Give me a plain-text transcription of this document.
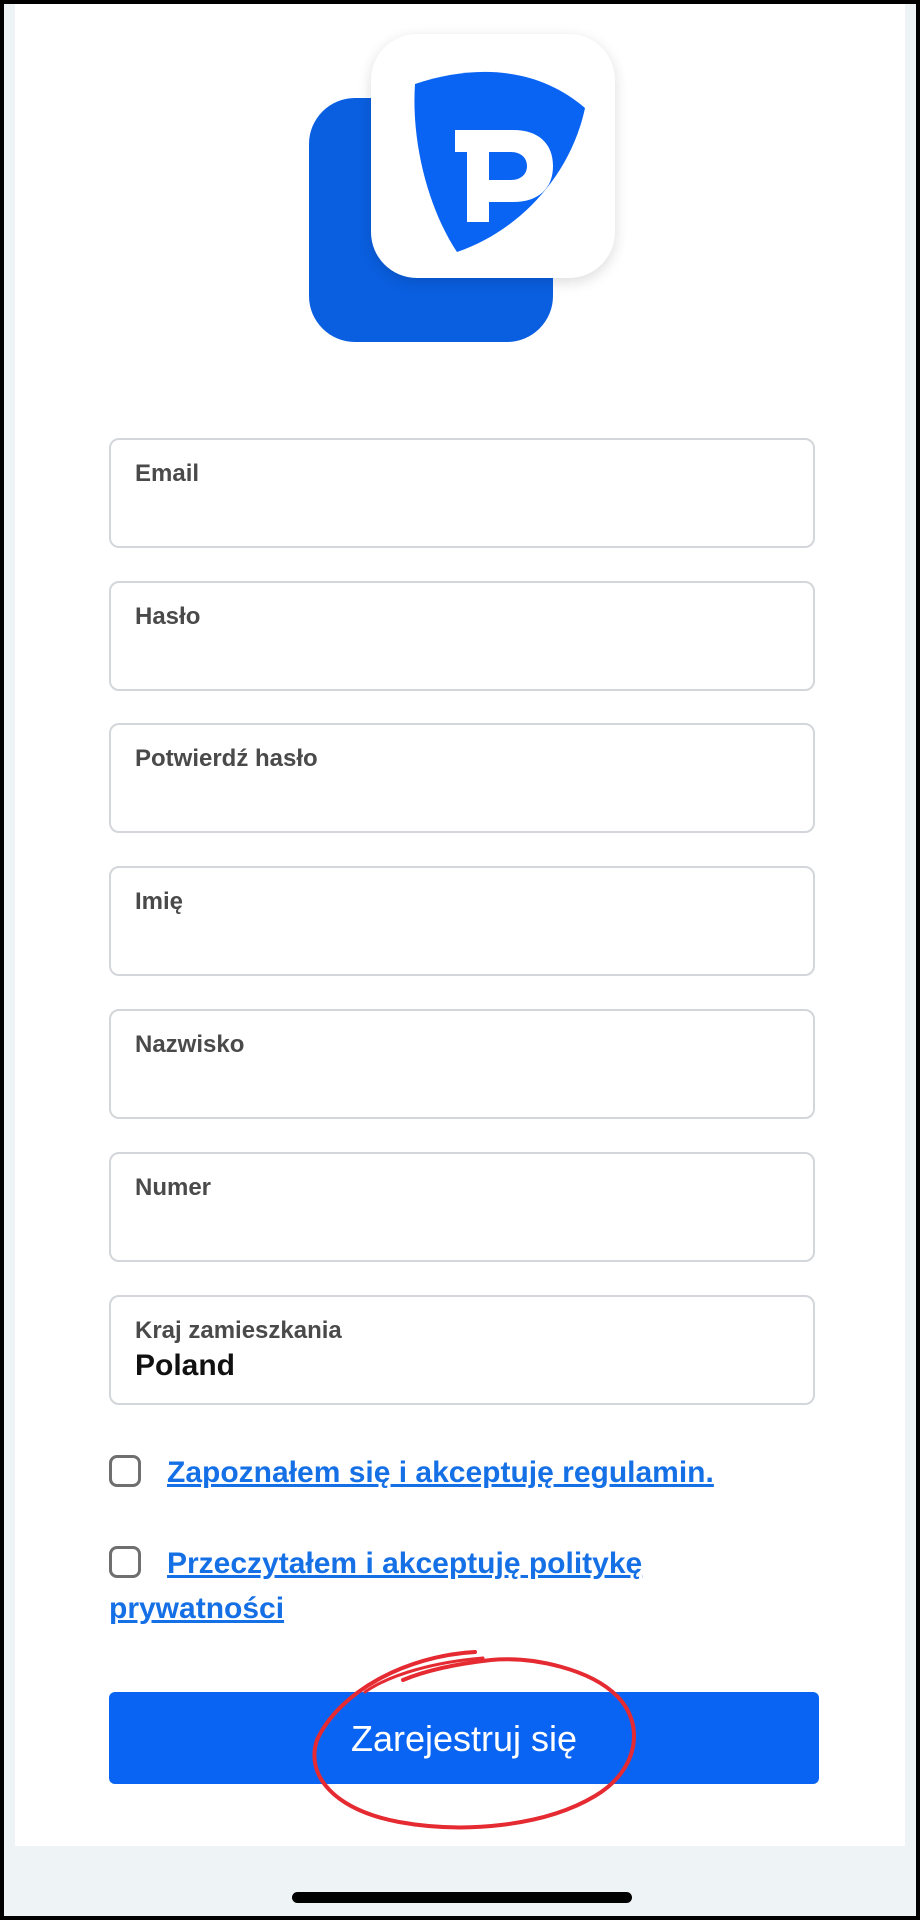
Email
Hasło
Potwierdź hasło
Imię
Nazwisko
Numer
Kraj zamieszkania
Poland
Zapoznałem się i akceptuję regulamin.
Przeczytałem i akceptuję politykę
prywatności
Zarejestruj się
